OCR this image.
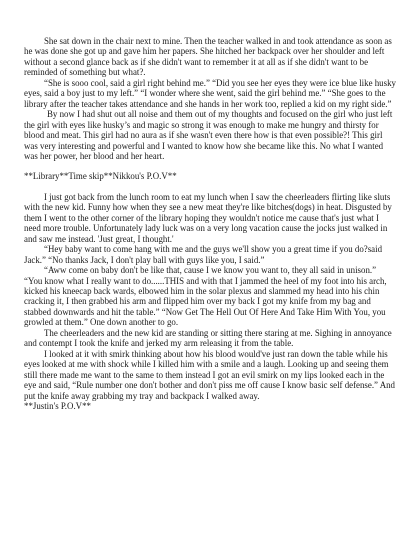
She sat down in the chair next to mine. Then the teacher walked in and took attendance as soon as he was done she got up and gave him her papers. She hitched her backpack over her shoulder and left without a second glance back as if she didn't want to remember it at all as if she didn't want to be reminded of something but what?.

“She is sooo cool, said a girl right behind me.” “Did you see her eyes they were ice blue like husky eyes, said a boy just to my left.” “I wonder where she went, said the girl behind me.” “She goes to the library after the teacher takes attendance and she hands in her work too, replied a kid on my right side.”

By now I had shut out all noise and them out of my thoughts and focused on the girl who just left the girl with eyes like husky’s and magic so strong it was enough to make me hungry and thirsty for blood and meat. This girl had no aura as if she wasn't even there how is that even possible?! This girl was very interesting and powerful and I wanted to know how she became like this. No what I wanted was her power, her blood and her heart.

**Library**Time skip**Nikkou's P.O.V**

I just got back from the lunch room to eat my lunch when I saw the cheerleaders flirting like sluts with the new kid. Funny how when they see a new meat they're like bitches(dogs) in heat. Disgusted by them I went to the other corner of the library hoping they wouldn't notice me cause that's just what I need more trouble. Unfortunately lady luck was on a very long vacation cause the jocks just walked in and saw me instead. 'Just great, I thought.'

“Hey baby want to come hang with me and the guys we'll show you a great time if you do?said Jack.” “No thanks Jack, I don't play ball with guys like you, I said.”

“Aww come on baby don't be like that, cause I we know you want to, they all said in unison.” “You know what I really want to do......THIS and with that I jammed the heel of my foot into his arch, kicked his kneecap back wards, elbowed him in the solar plexus and slammed my head into his chin cracking it, I then grabbed his arm and flipped him over my back I got my knife from my bag and stabbed downwards and hit the table.” “Now Get The Hell Out Of Here And Take Him With You, you growled at them.” One down another to go.

The cheerleaders and the new kid are standing or sitting there staring at me. Sighing in annoyance and contempt I took the knife and jerked my arm releasing it from the table.

I looked at it with smirk thinking about how his blood would've just ran down the table while his eyes looked at me with shock while I killed him with a smile and a laugh. Looking up and seeing them still there made me want to the same to them instead I got an evil smirk on my lips looked each in the eye and said, “Rule number one don't bother and don't piss me off cause I know basic self defense.” And put the knife away grabbing my tray and backpack I walked away.

**Justin's P.O.V**
